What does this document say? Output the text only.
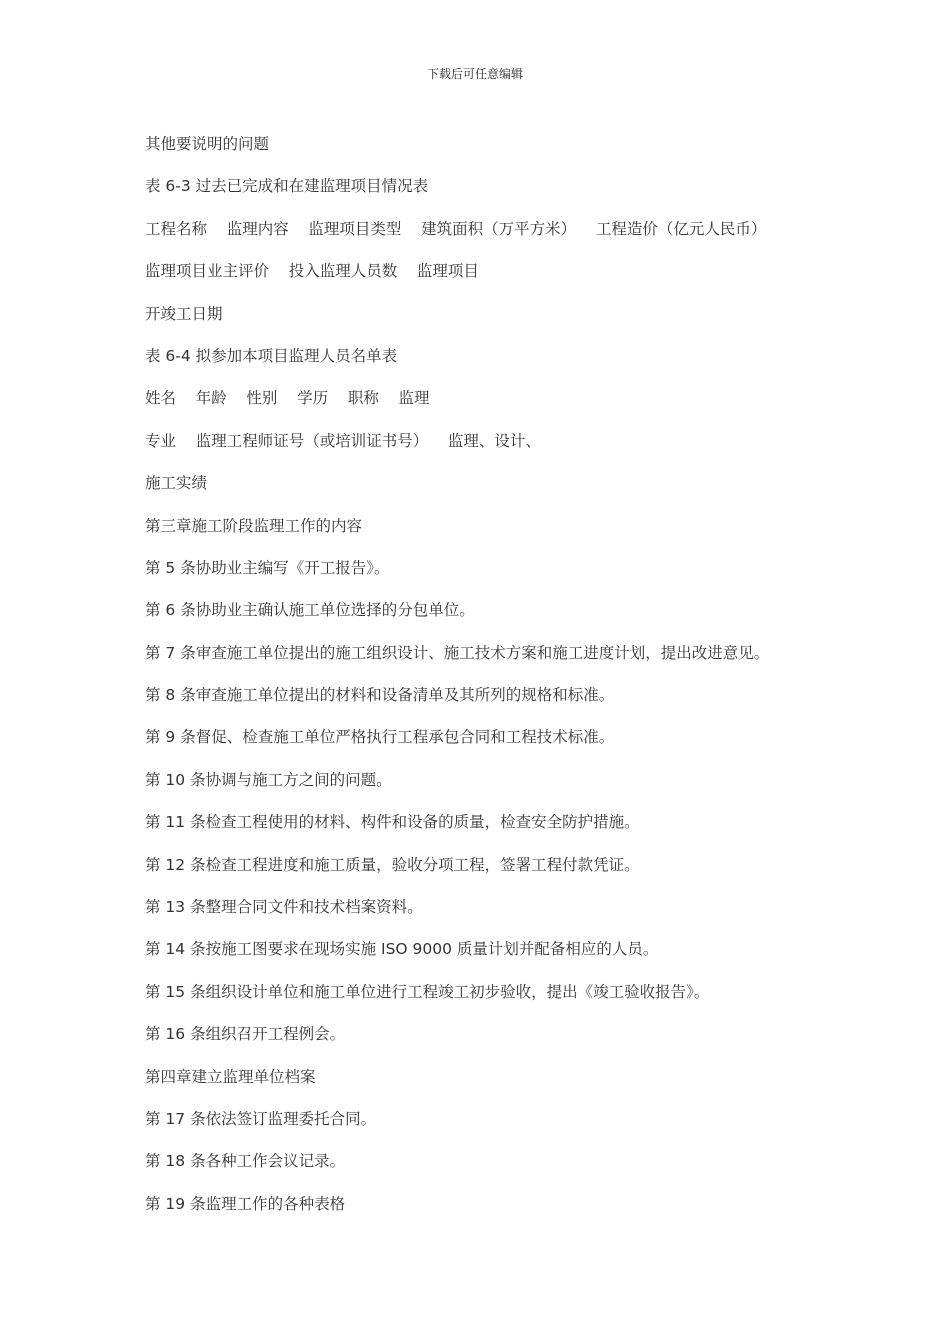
下载后可任意编辑
其他要说明的问题
表 6-3 过去已完成和在建监理项目情况表
工程名称    监理内容    监理项目类型    建筑面积（万平方米）    工程造价（亿元人民币）
监理项目业主评价    投入监理人员数    监理项目
开竣工日期
表 6-4 拟参加本项目监理人员名单表
姓名    年龄    性别    学历    职称    监理
专业    监理工程师证号（或培训证书号）    监理、设计、
施工实绩
第三章施工阶段监理工作的内容
第 5 条协助业主编写《开工报告》。
第 6 条协助业主确认施工单位选择的分包单位。
第 7 条审查施工单位提出的施工组织设计、施工技术方案和施工进度计划，提出改进意见。
第 8 条审查施工单位提出的材料和设备清单及其所列的规格和标准。
第 9 条督促、检查施工单位严格执行工程承包合同和工程技术标准。
第 10 条协调与施工方之间的问题。
第 11 条检查工程使用的材料、构件和设备的质量，检查安全防护措施。
第 12 条检查工程进度和施工质量，验收分项工程，签署工程付款凭证。
第 13 条整理合同文件和技术档案资料。
第 14 条按施工图要求在现场实施 ISO 9000 质量计划并配备相应的人员。
第 15 条组织设计单位和施工单位进行工程竣工初步验收，提出《竣工验收报告》。
第 16 条组织召开工程例会。
第四章建立监理单位档案
第 17 条依法签订监理委托合同。
第 18 条各种工作会议记录。
第 19 条监理工作的各种表格
